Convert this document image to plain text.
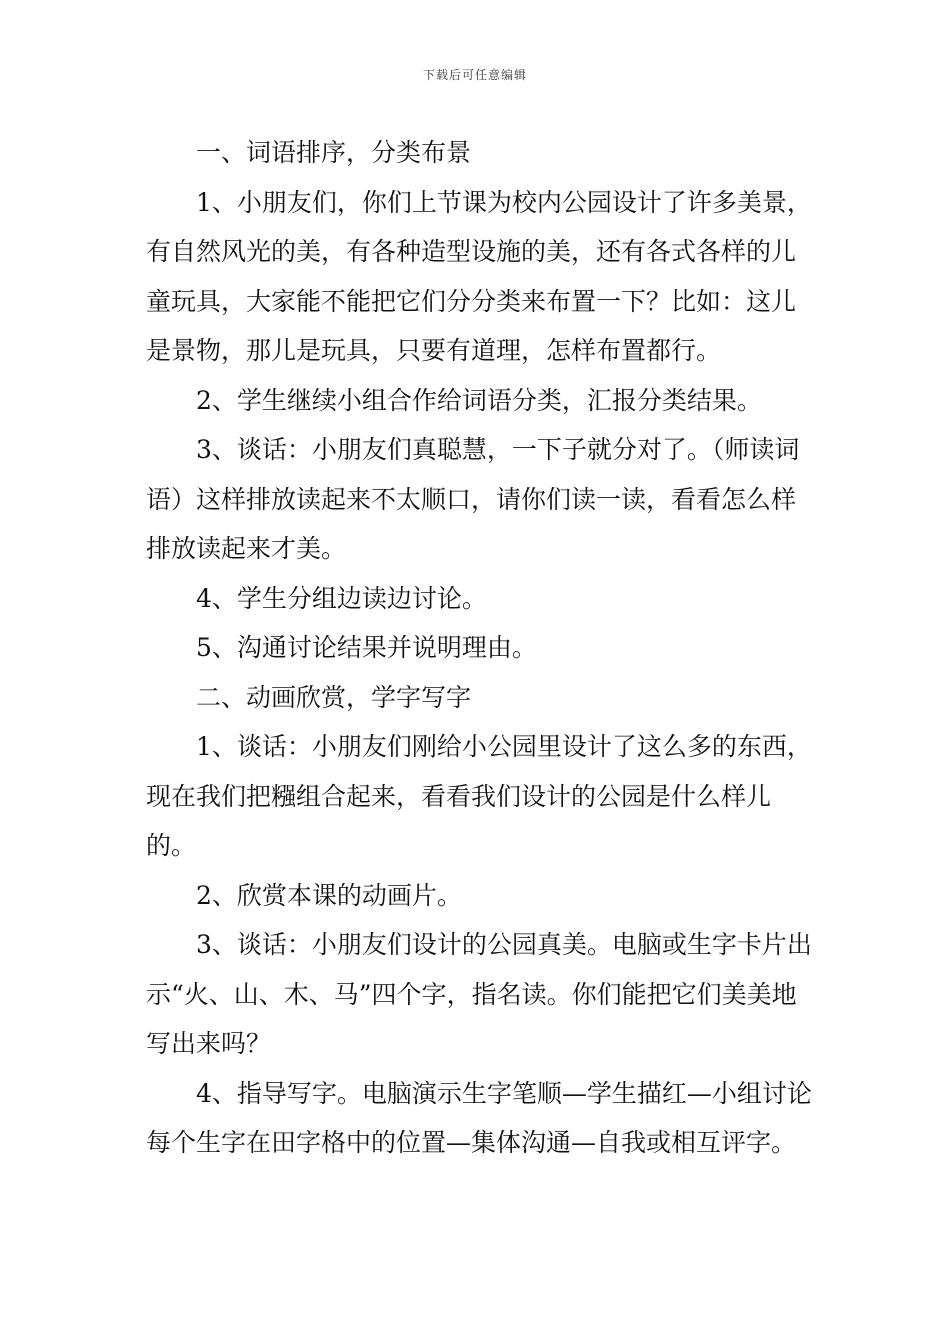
下载后可任意编辑

一、词语排序，分类布景

1、小朋友们，你们上节课为校内公园设计了许多美景，有自然风光的美，有各种造型设施的美，还有各式各样的儿童玩具，大家能不能把它们分分类来布置一下？比如：这儿是景物，那儿是玩具，只要有道理，怎样布置都行。

2、学生继续小组合作给词语分类，汇报分类结果。

3、谈话：小朋友们真聪慧，一下子就分对了。（师读词语）这样排放读起来不太顺口，请你们读一读，看看怎么样排放读起来才美。

4、学生分组边读边讨论。

5、沟通讨论结果并说明理由。

二、动画欣赏，学字写字

1、谈话：小朋友们刚给小公园里设计了这么多的东西，现在我们把糨组合起来，看看我们设计的公园是什么样儿的。

2、欣赏本课的动画片。

3、谈话：小朋友们设计的公园真美。电脑或生字卡片出示“火、山、木、马”四个字，指名读。你们能把它们美美地写出来吗？

4、指导写字。电脑演示生字笔顺—学生描红—小组讨论每个生字在田字格中的位置—集体沟通—自我或相互评字。
